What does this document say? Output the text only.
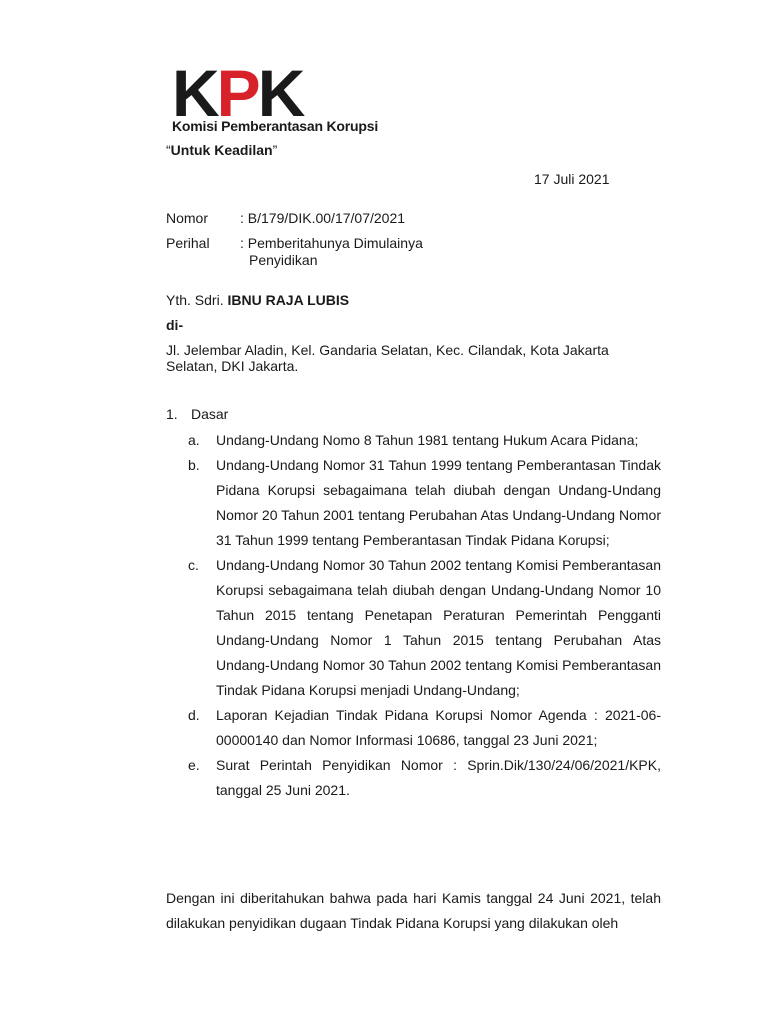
KPK
Komisi Pemberantasan Korupsi
“Untuk Keadilan”
17 Juli 2021
Nomor : B/179/DIK.00/17/07/2021
Perihal : Pemberitahunya Dimulainya
Penyidikan
Yth. Sdri. IBNU RAJA LUBIS
di-
Jl. Jelembar Aladin, Kel. Gandaria Selatan, Kec. Cilandak, Kota Jakarta Selatan, DKI Jakarta.
1. Dasar
a. Undang-Undang Nomo 8 Tahun 1981 tentang Hukum Acara Pidana;
b. Undang-Undang Nomor 31 Tahun 1999 tentang Pemberantasan Tindak Pidana Korupsi sebagaimana telah diubah dengan Undang-Undang Nomor 20 Tahun 2001 tentang Perubahan Atas Undang-Undang Nomor 31 Tahun 1999 tentang Pemberantasan Tindak Pidana Korupsi;
c. Undang-Undang Nomor 30 Tahun 2002 tentang Komisi Pemberantasan Korupsi sebagaimana telah diubah dengan Undang-Undang Nomor 10 Tahun 2015 tentang Penetapan Peraturan Pemerintah Pengganti Undang-Undang Nomor 1 Tahun 2015 tentang Perubahan Atas Undang-Undang Nomor 30 Tahun 2002 tentang Komisi Pemberantasan Tindak Pidana Korupsi menjadi Undang-Undang;
d. Laporan Kejadian Tindak Pidana Korupsi Nomor Agenda : 2021-06-00000140 dan Nomor Informasi 10686, tanggal 23 Juni 2021;
e. Surat Perintah Penyidikan Nomor : Sprin.Dik/130/24/06/2021/KPK, tanggal 25 Juni 2021.
Dengan ini diberitahukan bahwa pada hari Kamis tanggal 24 Juni 2021, telah dilakukan penyidikan dugaan Tindak Pidana Korupsi yang dilakukan oleh
